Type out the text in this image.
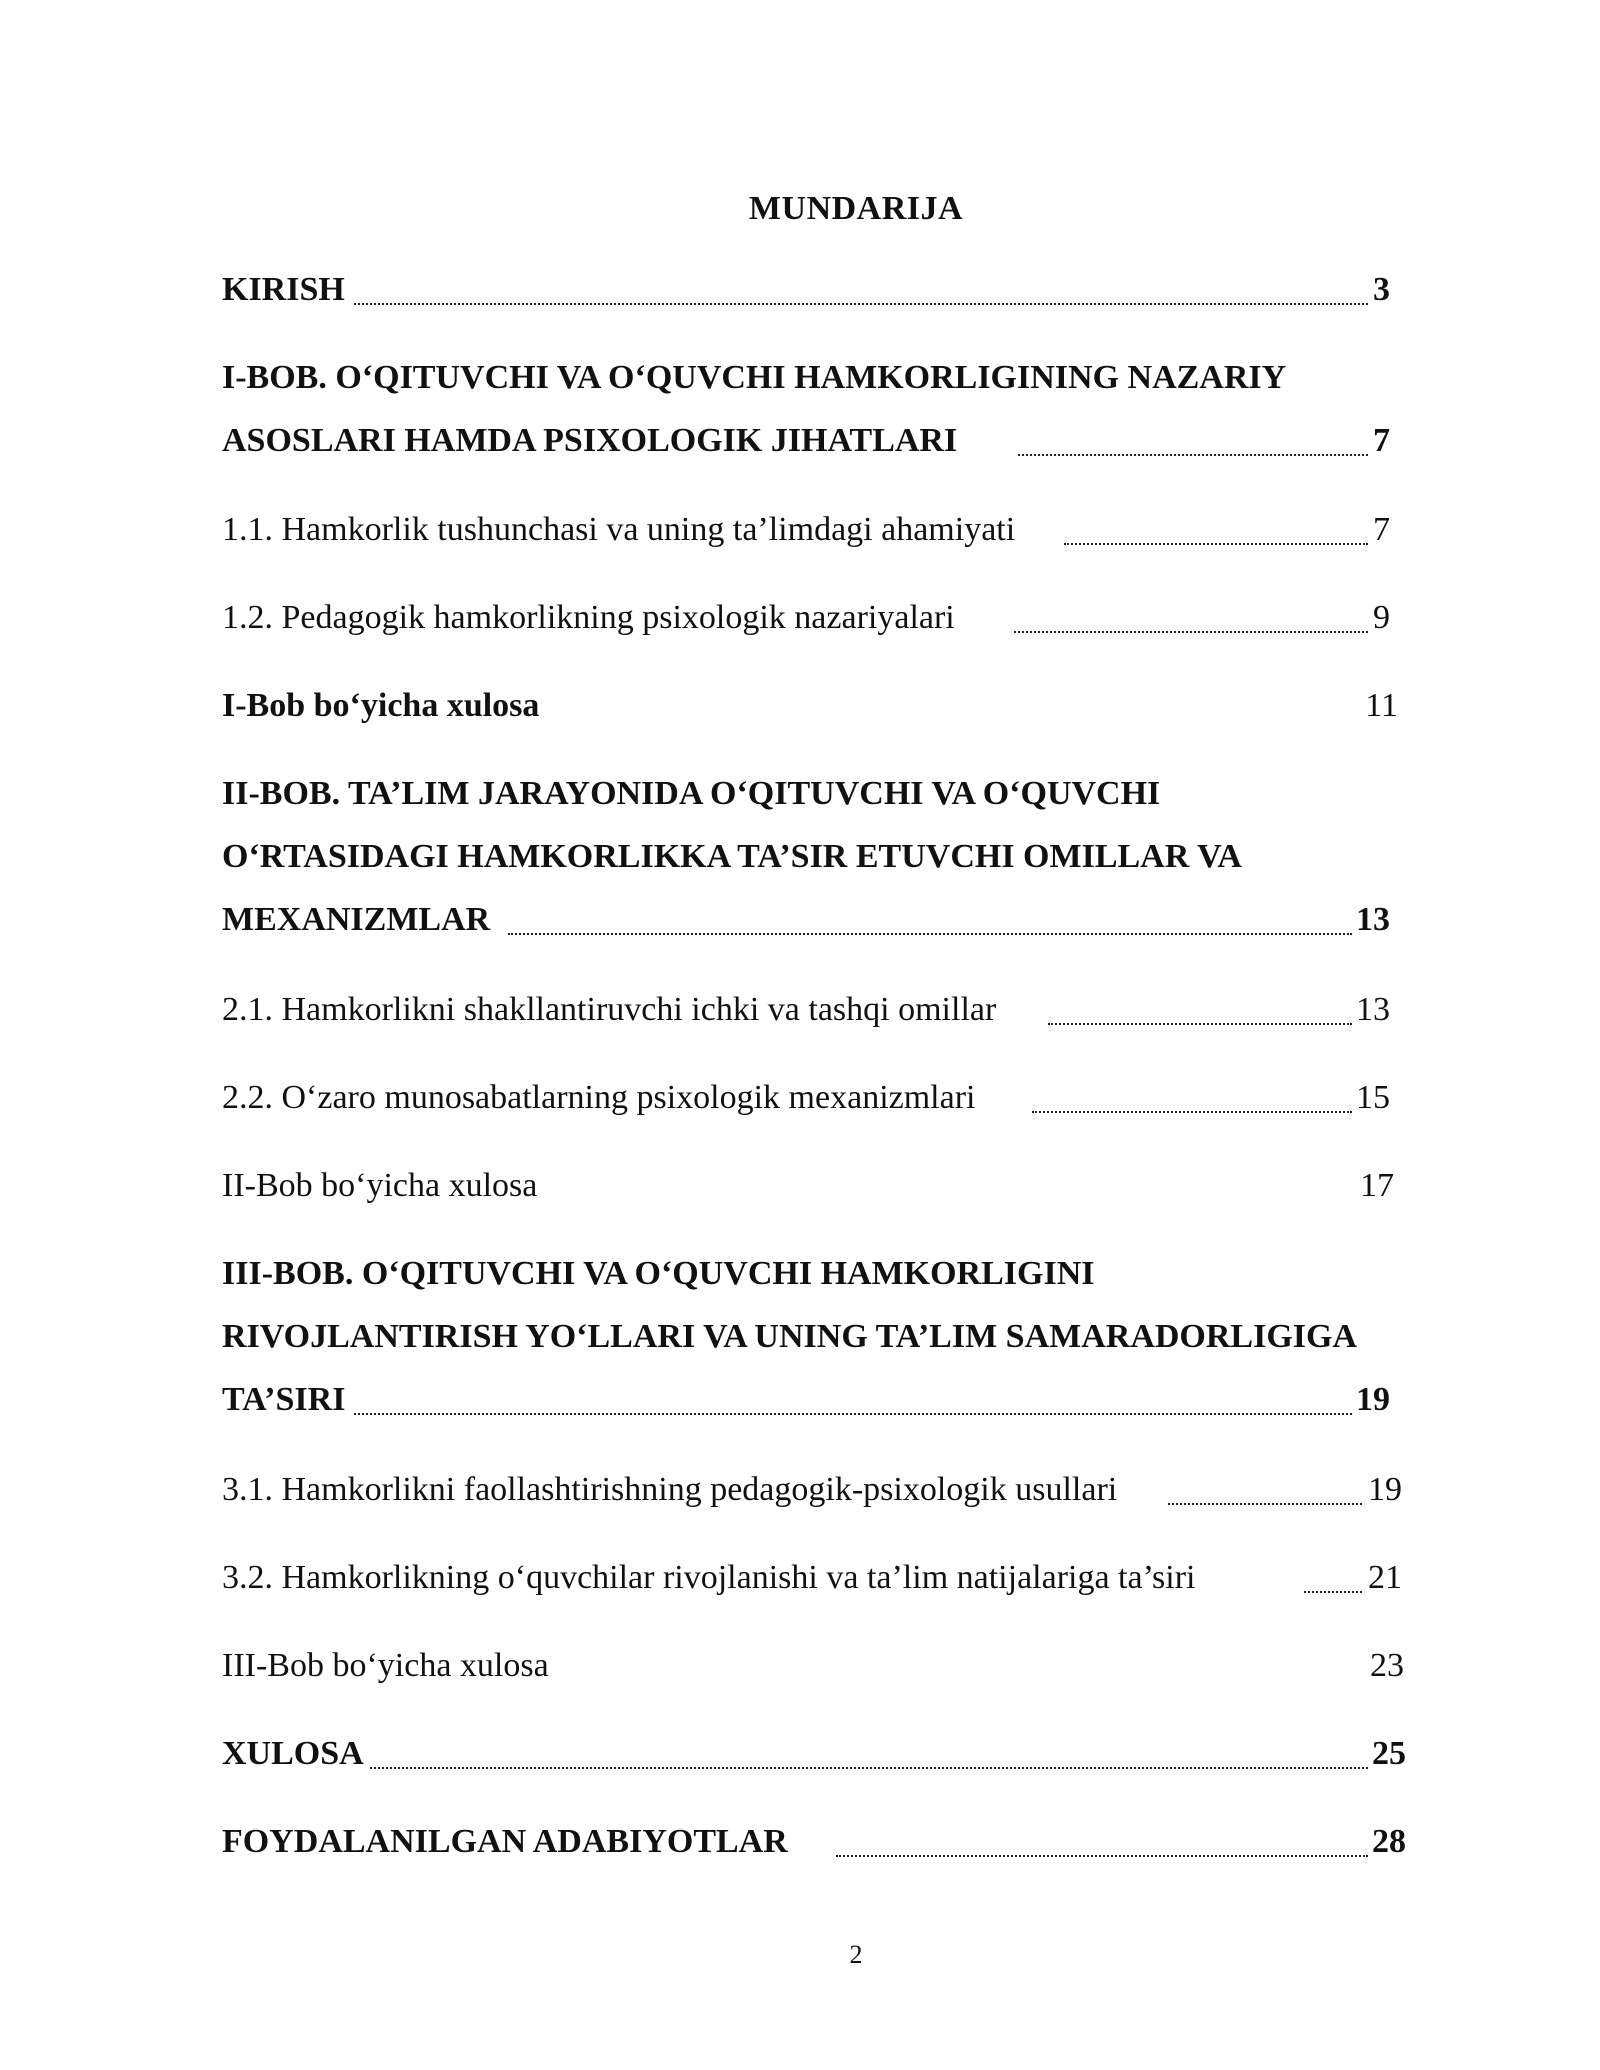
MUNDARIJA
KIRISH	3
I-BOB. O‘QITUVCHI VA O‘QUVCHI HAMKORLIGINING NAZARIY
ASOSLARI HAMDA PSIXOLOGIK JIHATLARI	7
1.1. Hamkorlik tushunchasi va uning ta’limdagi ahamiyati	7
1.2. Pedagogik hamkorlikning psixologik nazariyalari	9
I-Bob bo‘yicha xulosa	11
II-BOB. TA’LIM JARAYONIDA O‘QITUVCHI VA O‘QUVCHI
O‘RTASIDAGI HAMKORLIKKA TA’SIR ETUVCHI OMILLAR VA
MEXANIZMLAR	13
2.1. Hamkorlikni shakllantiruvchi ichki va tashqi omillar	13
2.2. O‘zaro munosabatlarning psixologik mexanizmlari	15
II-Bob bo‘yicha xulosa	17
III-BOB. O‘QITUVCHI VA O‘QUVCHI HAMKORLIGINI
RIVOJLANTIRISH YO‘LLARI VA UNING TA’LIM SAMARADORLIGIGA
TA’SIRI	19
3.1. Hamkorlikni faollashtirishning pedagogik-psixologik usullari	19
3.2. Hamkorlikning o‘quvchilar rivojlanishi va ta’lim natijalariga ta’siri	21
III-Bob bo‘yicha xulosa	23
XULOSA	25
FOYDALANILGAN ADABIYOTLAR	28
2
